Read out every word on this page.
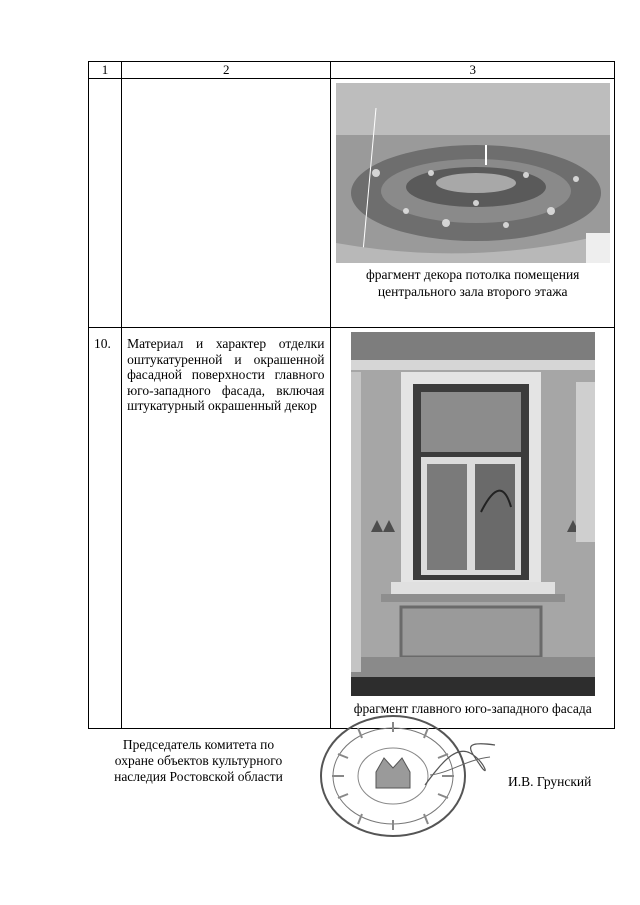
1	2	3

		фрагмент декора потолка помещения центрального зала второго этажа

10.	Материал и характер отделки оштукатуренной и окрашенной фасадной поверхности главного юго-западного фасада, включая штукатурный окрашенный декор	фрагмент главного юго-западного фасада
Председатель комитета по охране объектов культурного наследия Ростовской области	И.В. Грунский
